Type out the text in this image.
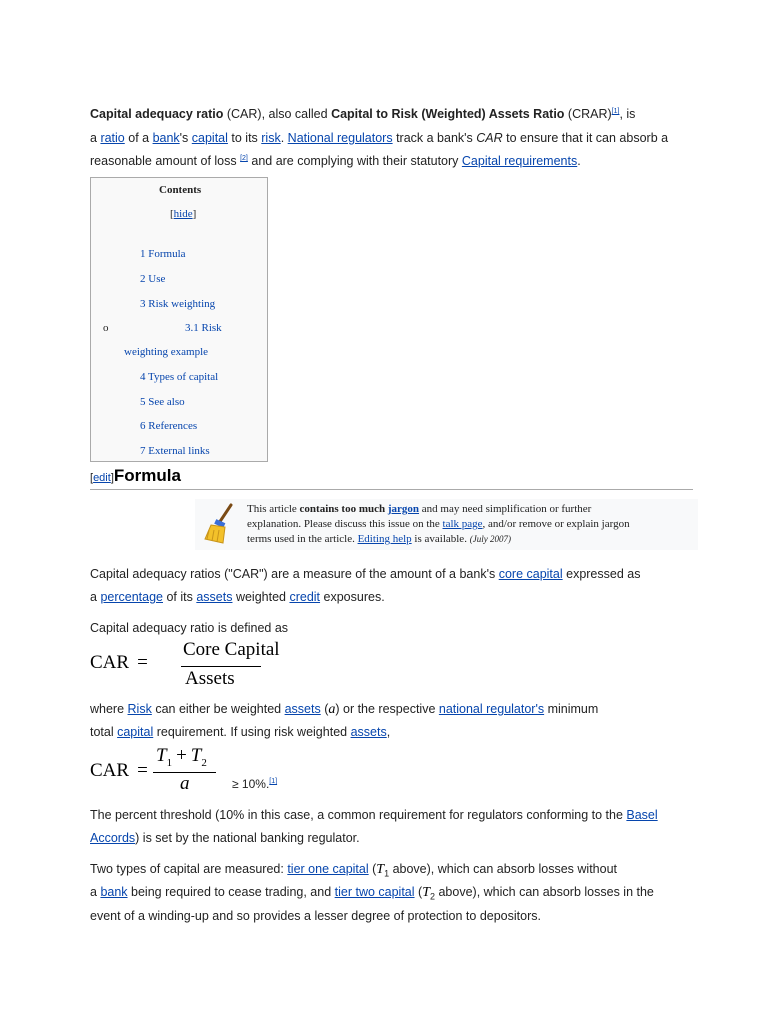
Capital adequacy ratio (CAR), also called Capital to Risk (Weighted) Assets Ratio (CRAR)[1], is
a ratio of a bank's capital to its risk. National regulators track a bank's CAR to ensure that it can absorb a
reasonable amount of loss [2] and are complying with their statutory Capital requirements.
Contents
[hide]
1 Formula
2 Use
3 Risk weighting
o	3.1 Risk
weighting example
4 Types of capital
5 See also
6 References
7 External links
[edit]Formula
This article contains too much jargon and may need simplification or further
explanation. Please discuss this issue on the talk page, and/or remove or explain jargon
terms used in the article. Editing help is available. (July 2007)
Capital adequacy ratios ("CAR") are a measure of the amount of a bank's core capital expressed as
a percentage of its assets weighted credit exposures.
Capital adequacy ratio is defined as
CAR =
Core Capital
Assets
where Risk can either be weighted assets (a) or the respective national regulator's minimum
total capital requirement. If using risk weighted assets,
CAR =
$T_1 + T_2$
a	≥ 10%.[1]
The percent threshold (10% in this case, a common requirement for regulators conforming to the Basel
Accords) is set by the national banking regulator.
Two types of capital are measured: tier one capital ($T_1$ above), which can absorb losses without
a bank being required to cease trading, and tier two capital ($T_2$ above), which can absorb losses in the
event of a winding-up and so provides a lesser degree of protection to depositors.
